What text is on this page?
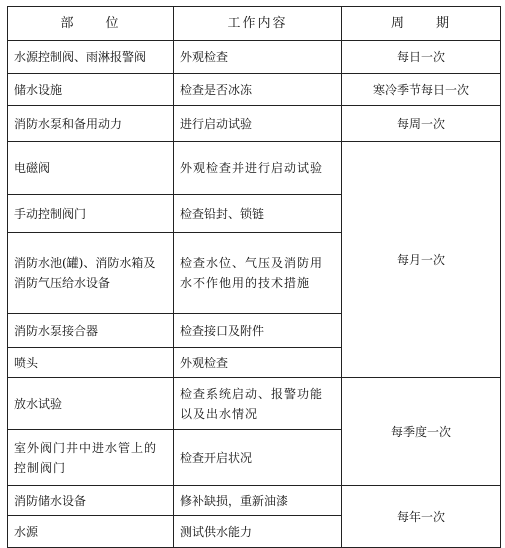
部　　位	工作内容	周　　期
水源控制阀、雨淋报警阀	外观检查	每日一次
储水设施	检查是否冰冻	寒冷季节每日一次
消防水泵和备用动力	进行启动试验	每周一次
电磁阀	外观检查并进行启动试验	每月一次
手动控制阀门	检查铅封、锁链	
消防水池(罐)、消防水箱及消防气压给水设备	检查水位、气压及消防用水不作他用的技术措施	
消防水泵接合器	检查接口及附件	
喷头	外观检查	
放水试验	检查系统启动、报警功能以及出水情况	每季度一次
室外阀门井中进水管上的控制阀门	检查开启状况	
消防储水设备	修补缺损，重新油漆	每年一次
水源	测试供水能力	
